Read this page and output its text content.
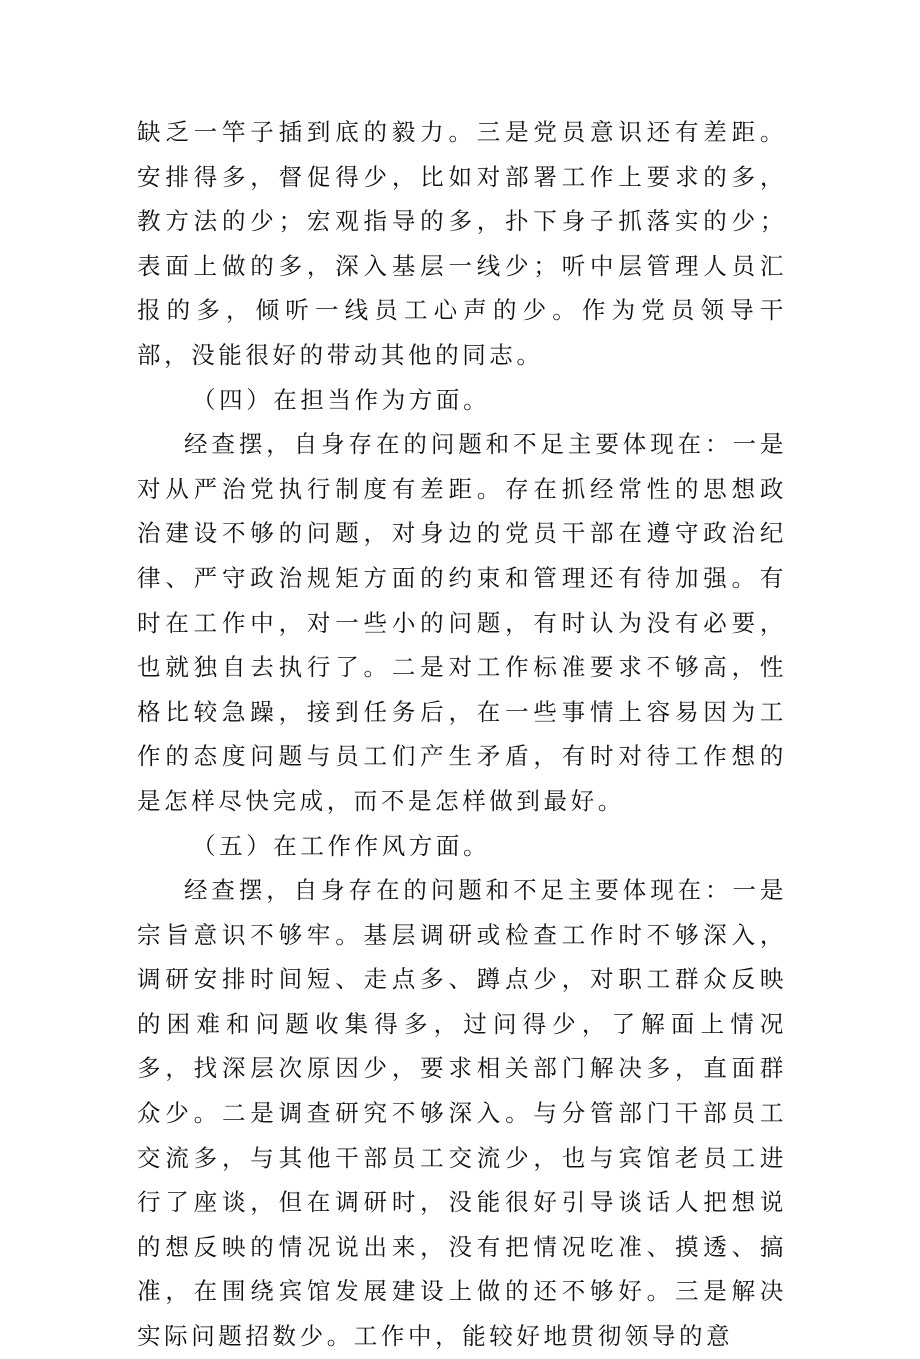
缺乏一竿子插到底的毅力。三是党员意识还有差距。安排得多，督促得少，比如对部署工作上要求的多，教方法的少；宏观指导的多，扑下身子抓落实的少；表面上做的多，深入基层一线少；听中层管理人员汇报的多，倾听一线员工心声的少。作为党员领导干部，没能很好的带动其他的同志。

（四）在担当作为方面。

经查摆，自身存在的问题和不足主要体现在：一是对从严治党执行制度有差距。存在抓经常性的思想政治建设不够的问题，对身边的党员干部在遵守政治纪律、严守政治规矩方面的约束和管理还有待加强。有时在工作中，对一些小的问题，有时认为没有必要，也就独自去执行了。二是对工作标准要求不够高，性格比较急躁，接到任务后，在一些事情上容易因为工作的态度问题与员工们产生矛盾，有时对待工作想的是怎样尽快完成，而不是怎样做到最好。

（五）在工作作风方面。

经查摆，自身存在的问题和不足主要体现在：一是宗旨意识不够牢。基层调研或检查工作时不够深入，调研安排时间短、走点多、蹲点少，对职工群众反映的困难和问题收集得多，过问得少，了解面上情况多，找深层次原因少，要求相关部门解决多，直面群众少。二是调查研究不够深入。与分管部门干部员工交流多，与其他干部员工交流少，也与宾馆老员工进行了座谈，但在调研时，没能很好引导谈话人把想说的想反映的情况说出来，没有把情况吃准、摸透、搞准，在围绕宾馆发展建设上做的还不够好。三是解决实际问题招数少。工作中，能较好地贯彻领导的意
